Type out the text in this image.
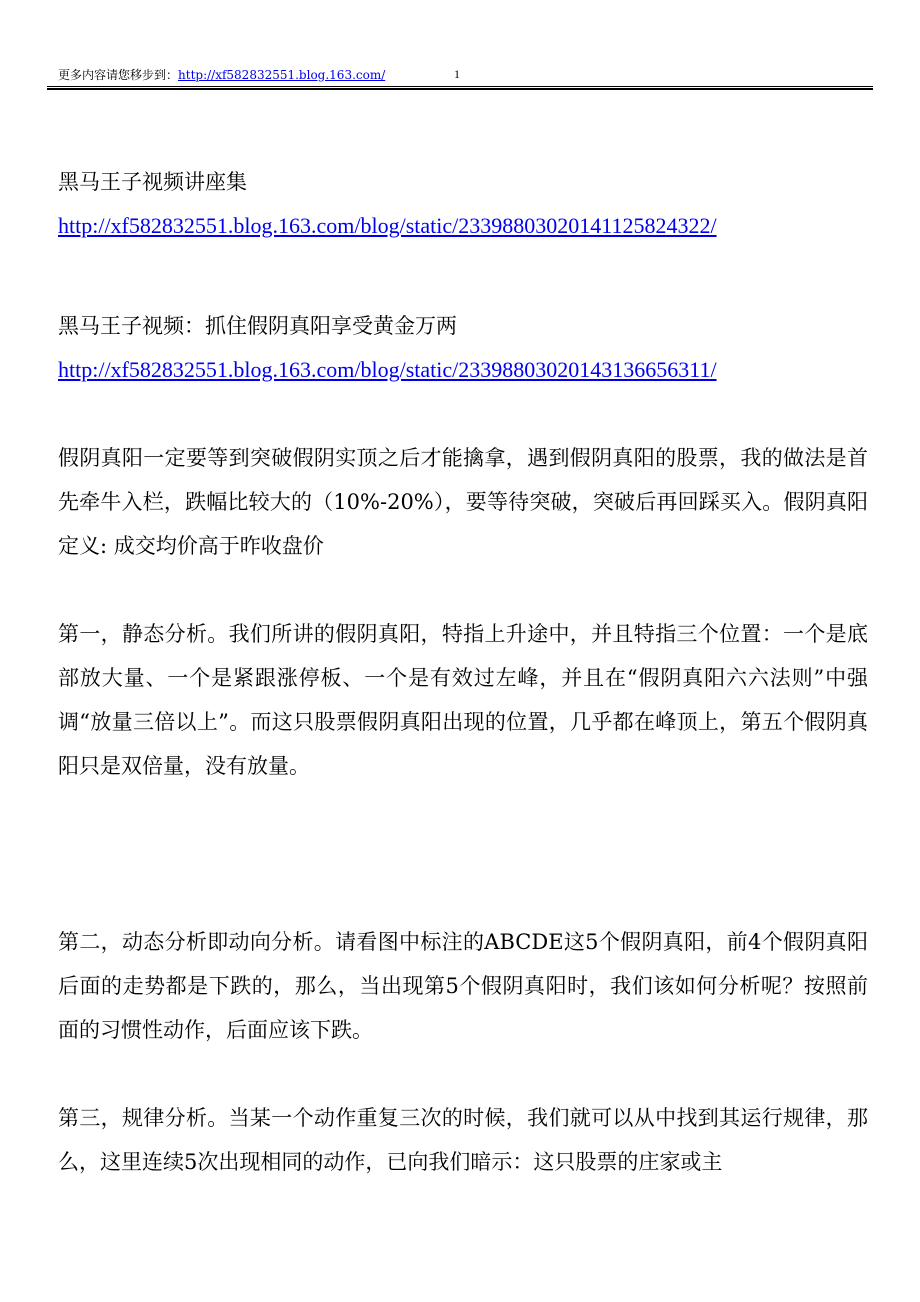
更多内容请您移步到：http://xf582832551.blog.163.com/	1

黑马王子视频讲座集

http://xf582832551.blog.163.com/blog/static/23398803020141125824322/

黑马王子视频：抓住假阴真阳享受黄金万两

http://xf582832551.blog.163.com/blog/static/23398803020143136656311/

假阴真阳一定要等到突破假阴实顶之后才能擒拿，遇到假阴真阳的股票，我的做法是首先牵牛入栏，跌幅比较大的（10%-20%），要等待突破，突破后再回踩买入。假阴真阳定义: 成交均价高于昨收盘价

第一，静态分析。我们所讲的假阴真阳，特指上升途中，并且特指三个位置：一个是底部放大量、一个是紧跟涨停板、一个是有效过左峰，并且在“假阴真阳六六法则”中强调“放量三倍以上”。而这只股票假阴真阳出现的位置，几乎都在峰顶上，第五个假阴真阳只是双倍量，没有放量。

第二，动态分析即动向分析。请看图中标注的ABCDE这5个假阴真阳，前4个假阴真阳后面的走势都是下跌的，那么，当出现第5个假阴真阳时，我们该如何分析呢？按照前面的习惯性动作，后面应该下跌。

第三，规律分析。当某一个动作重复三次的时候，我们就可以从中找到其运行规律，那么，这里连续5次出现相同的动作，已向我们暗示：这只股票的庄家或主
